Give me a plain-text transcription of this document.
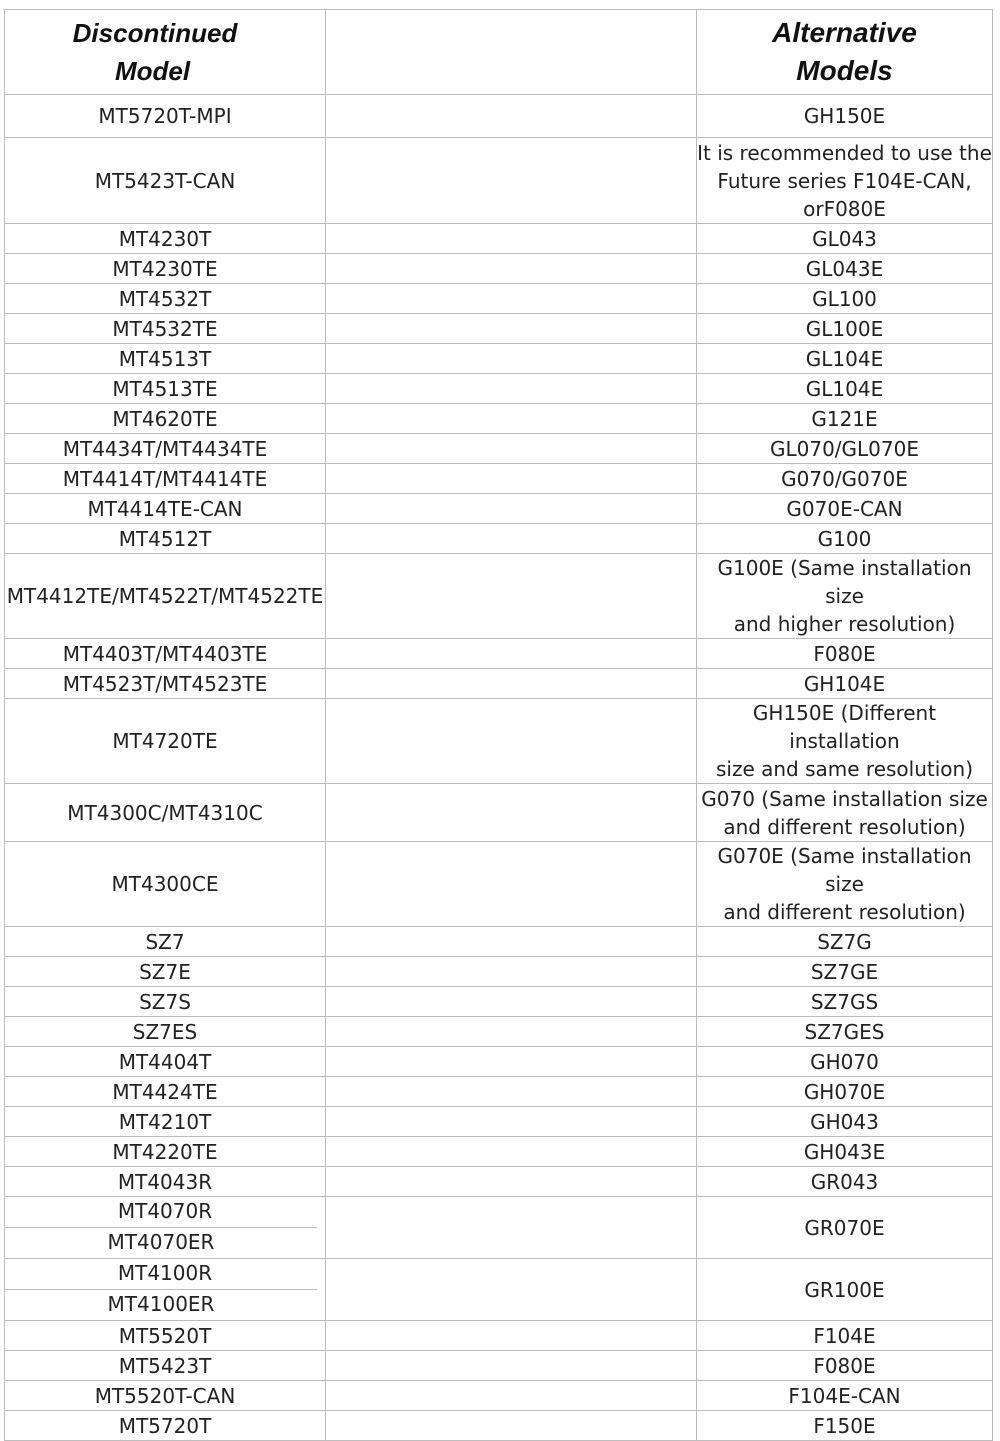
Discontinued
Model		Alternative
Models

MT5720T-MPI		GH150E

MT5423T-CAN		It is recommended to use the
Future series F104E-CAN,
orF080E

MT4230T		GL043

MT4230TE		GL043E

MT4532T		GL100

MT4532TE		GL100E

MT4513T		GL104E

MT4513TE		GL104E

MT4620TE		G121E

MT4434T/MT4434TE		GL070/GL070E

MT4414T/MT4414TE		G070/G070E

MT4414TE-CAN		G070E-CAN

MT4512T		G100

MT4412TE/MT4522T/MT4522TE		G100E (Same installation size
and higher resolution)

MT4403T/MT4403TE		F080E

MT4523T/MT4523TE		GH104E

MT4720TE		GH150E (Different installation
size and same resolution)

MT4300C/MT4310C		G070 (Same installation size
and different resolution)

MT4300CE		G070E (Same installation size
and different resolution)

SZ7		SZ7G

SZ7E		SZ7GE

SZ7S		SZ7GS

SZ7ES		SZ7GES

MT4404T		GH070

MT4424TE		GH070E

MT4210T		GH043

MT4220TE		GH043E

MT4043R		GR043

MT4070R
MT4070ER		GR070E

MT4100R
MT4100ER		GR100E

MT5520T		F104E

MT5423T		F080E

MT5520T-CAN		F104E-CAN

MT5720T		F150E
